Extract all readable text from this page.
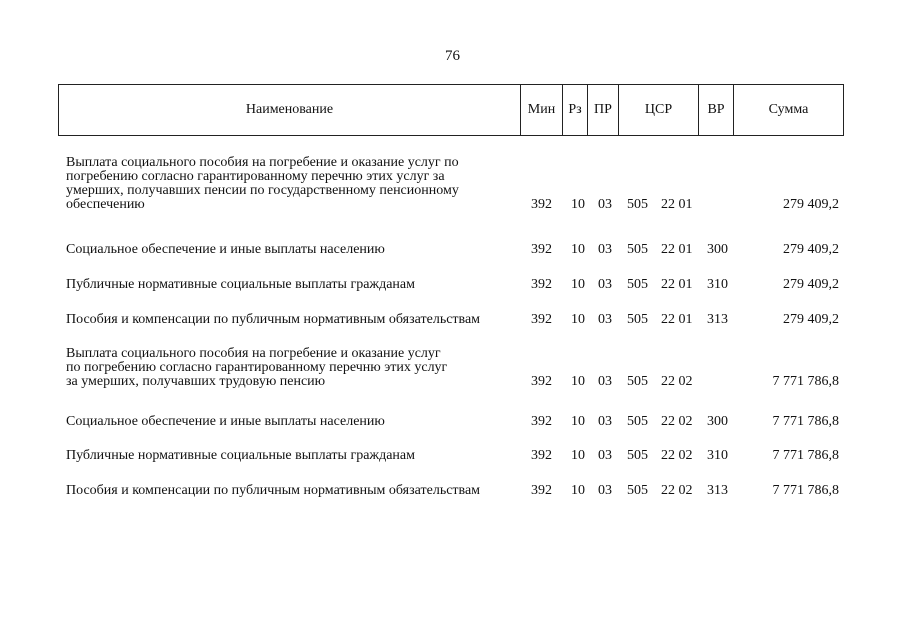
76
Наименование	Мин Рз ПР	ЦСР	ВР	Сумма
Выплата социального пособия на погребение и оказание услуг по
погребению согласно гарантированному перечню этих услуг за
умерших, получавших пенсии по государственному пенсионному
обеспечению	392 10 03 505 22 01	279 409,2
Социальное обеспечение и иные выплаты населению	392 10 03 505 22 01 300	279 409,2
Публичные нормативные социальные выплаты гражданам	392 10 03 505 22 01 310	279 409,2
Пособия и компенсации по публичным нормативным обязательствам	392 10 03 505 22 01 313	279 409,2
Выплата социального пособия на погребение и оказание услуг
по погребению согласно гарантированному перечню этих услуг
за умерших, получавших трудовую пенсию	392 10 03 505 22 02	7 771 786,8
Социальное обеспечение и иные выплаты населению	392 10 03 505 22 02 300	7 771 786,8
Публичные нормативные социальные выплаты гражданам	392 10 03 505 22 02 310	7 771 786,8
Пособия и компенсации по публичным нормативным обязательствам	392 10 03 505 22 02 313	7 771 786,8
